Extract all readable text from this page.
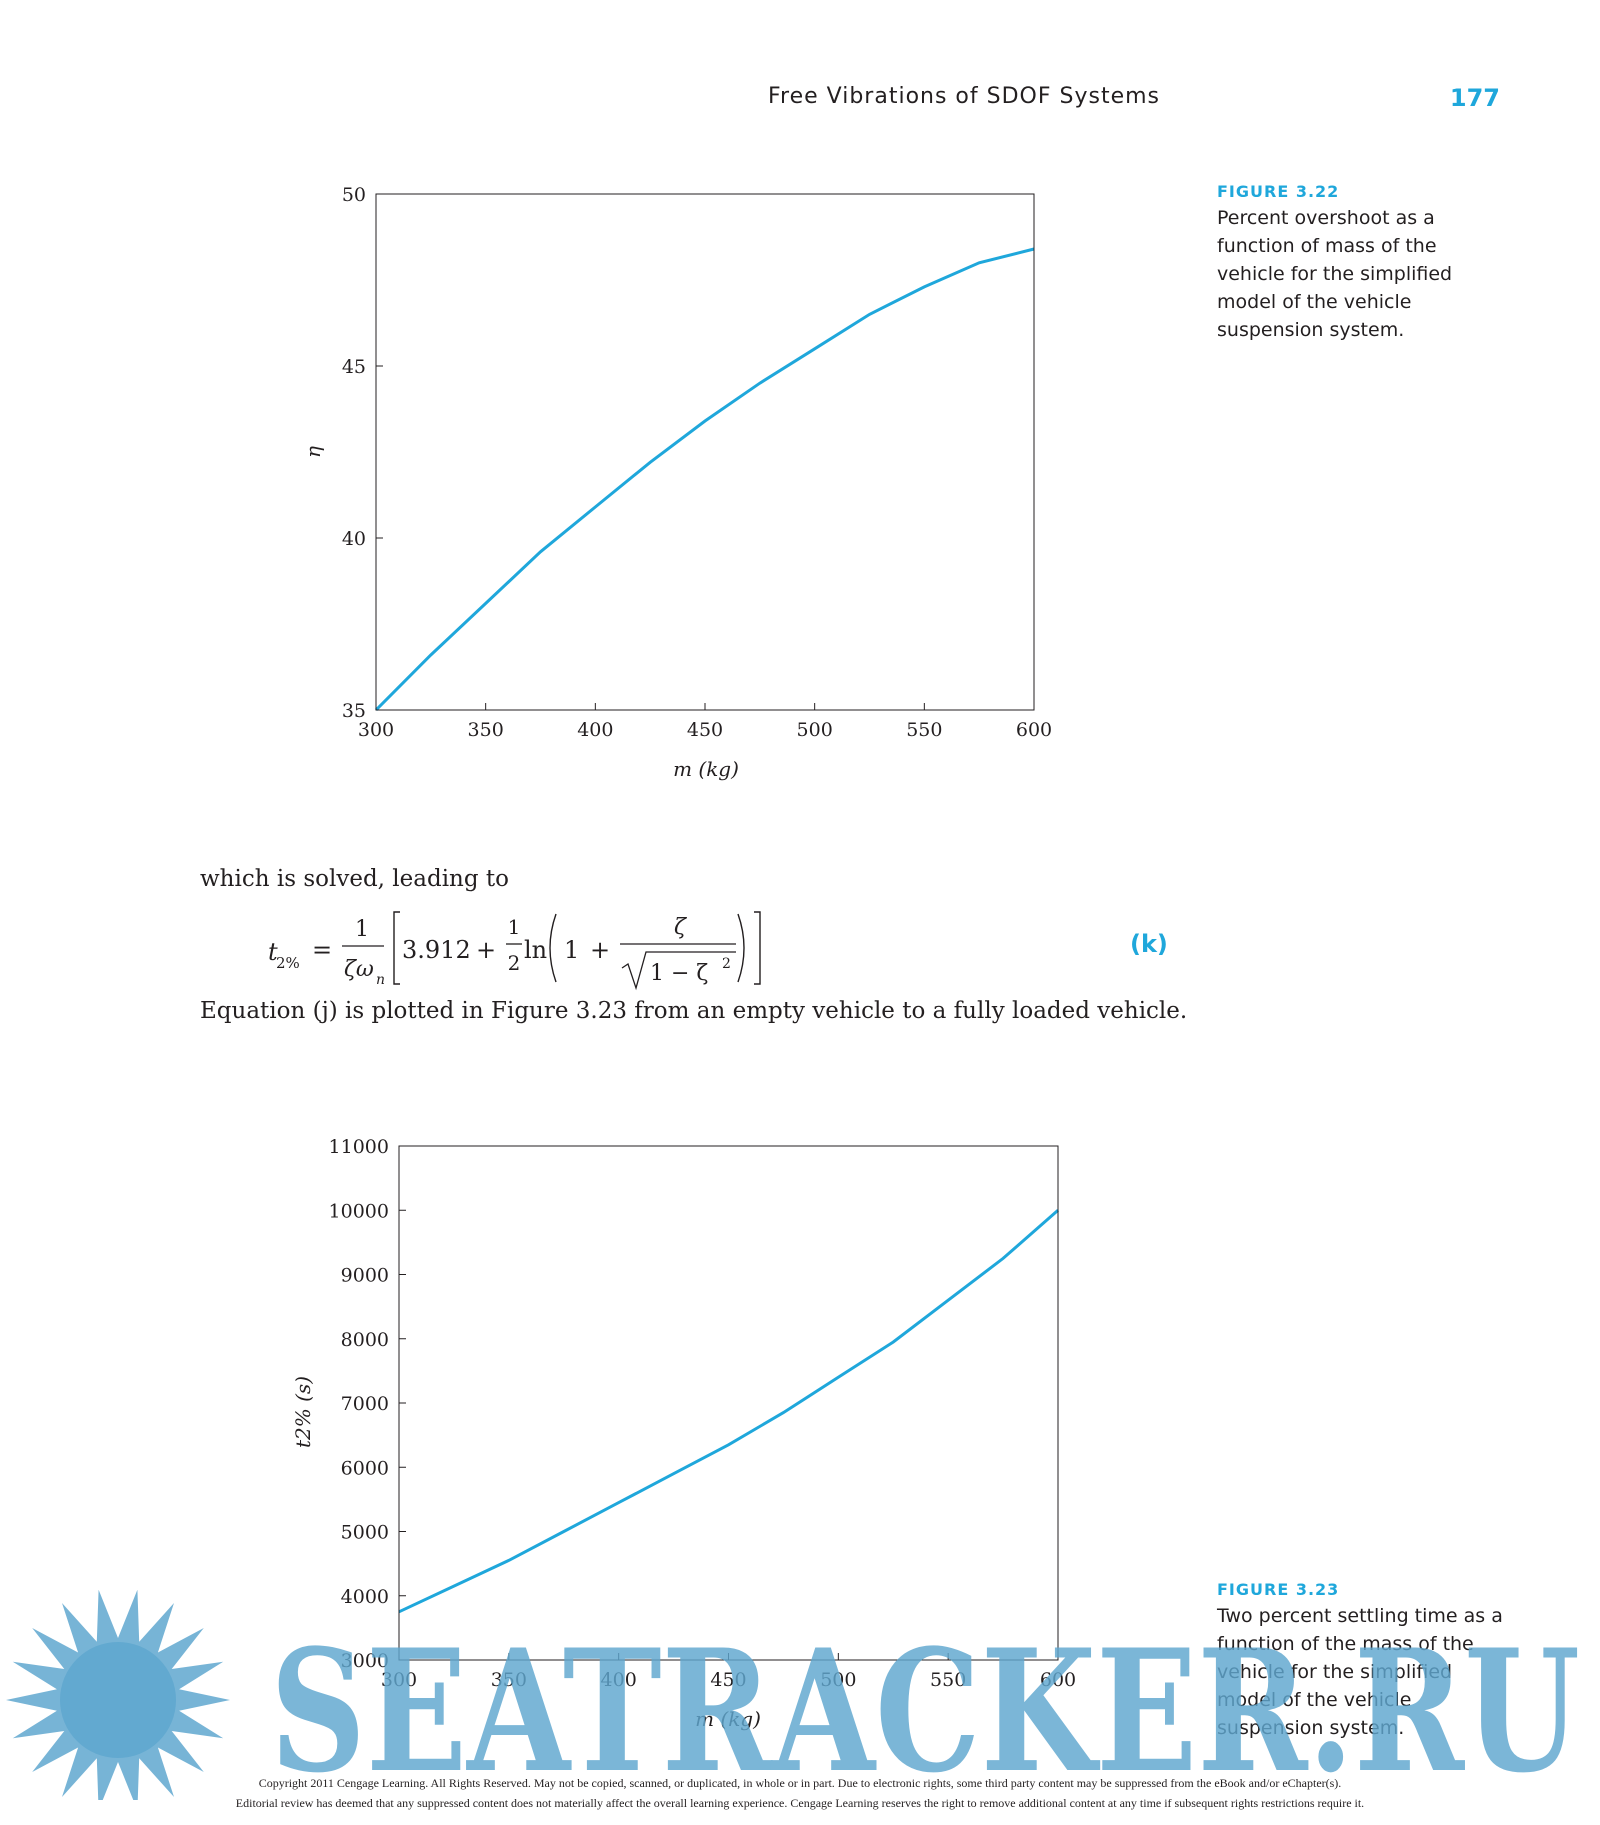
Free Vibrations of SDOF Systems	177
300	350	400	450	500	550	600
35
40
45
50
m (kg)
η
FIGURE 3.22
Percent overshoot as a function of mass of the vehicle for the simplified model of the vehicle suspension system.
which is solved, leading to
t
2% =
1
ζω n
3.912 +
1
2 ln 1 +
ζ
1 − ζ 2
(k)
Equation (j) is plotted in Figure 3.23 from an empty vehicle to a fully loaded vehicle.
300	350	400	450	500	550	600
3000
4000
5000
6000
7000
8000
9000
10000
11000
m (kg)
t2% (s)
FIGURE 3.23
Two percent settling time as a function of the mass of the vehicle for the simplified model of the vehicle suspension system.
SEATRACKER.RU
Copyright 2011 Cengage Learning. All Rights Reserved. May not be copied, scanned, or duplicated, in whole or in part. Due to electronic rights, some third party content may be suppressed from the eBook and/or eChapter(s).
Editorial review has deemed that any suppressed content does not materially affect the overall learning experience. Cengage Learning reserves the right to remove additional content at any time if subsequent rights restrictions require it.
